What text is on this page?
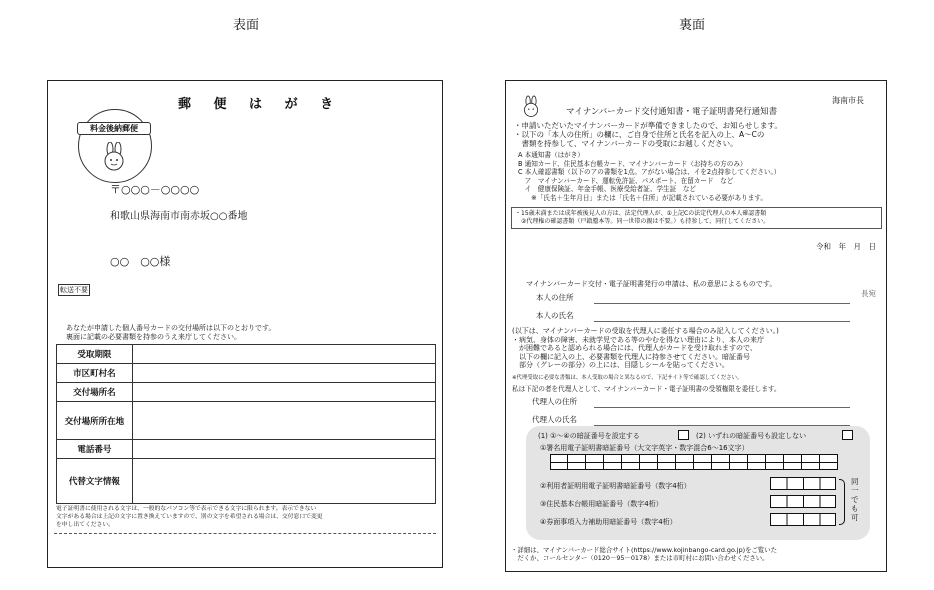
表面	裏面
郵 便 は が き
料金後納郵便
〒○○○－○○○○
和歌山県海南市南赤坂○○番地
○○　○○様
転送不要
あなたが申請した個人番号カードの交付場所は以下のとおりです。
裏面に記載の必要書類を持参のうえ来庁してください。
受取期限	
市区町村名	
交付場所名	
交付場所所在地	
電話番号	
代替文字情報	
電子証明書に使用される文字は、一般的なパソコン等で表示できる文字に限られます。表示できない
文字がある場合は上記の文字に置き換えていますので、別の文字を希望される場合は、交付窓口で変更
を申し出てください。
海南市長
マイナンバーカード交付通知書・電子証明書発行通知書
・申請いただいたマイナンバーカードが準備できましたので、お知らせします。
・以下の「本人の住所」の欄に、ご自身で住所と氏名を記入の上、A～Cの
　書類を持参して、マイナンバーカードの受取にお越しください。
A 本通知書（はがき）
B 通知カード、住民基本台帳カード、マイナンバーカード（お持ちの方のみ）
C 本人確認書類（以下のアの書類を1点。アがない場合は、イを2点持参してください。）
　ア　マイナンバーカード、運転免許証、パスポート、在留カード　など
　イ　健康保険証、年金手帳、医療受給者証、学生証　など
　　※「氏名＋生年月日」または「氏名＋住所」が記載されている必要があります。
・15歳未満または成年被後見人の方は、法定代理人が、①上記Cの法定代理人の本人確認書類
　②代理権の確認書類（戸籍謄本等。同一世帯の親は不要。）も持参して、同行してください。
令和　年　月　日
長宛
マイナンバーカード交付・電子証明書発行の申請は、私の意思によるものです。
本人の住所
本人の氏名
(以下は、マイナンバーカードの受取を代理人に委任する場合のみ記入してください。)
・病気、身体の障害、未就学児である等のやむを得ない理由により、本人の来庁
　が困難であると認められる場合には、代理人がカードを受け取れますので、
　以下の欄に記入の上、必要書類を代理人に持参させてください。暗証番号
　部分（グレーの部分）の上には、目隠しシールを貼ってください。
※代理受取に必要な書類は、本人受取の場合と異なるので、下記サイト等で確認してください。
私は下記の者を代理人として、マイナンバーカード・電子証明書の受領権限を委任します。
代理人の住所
代理人の氏名
(1) ①～④の暗証番号を設定する	(2) いずれの暗証番号も設定しない
①署名用電子証明書暗証番号（大文字英字・数字混合6～16文字）
②利用者証明用電子証明書暗証番号（数字4桁）
③住民基本台帳用暗証番号（数字4桁）
④券面事項入力補助用暗証番号（数字4桁）
同一でも可
・詳細は、マイナンバーカード総合サイト(https://www.kojinbango-card.go.jp)をご覧いた
　だくか、コールセンター（0120－95－0178）または市町村にお問い合わせください。
